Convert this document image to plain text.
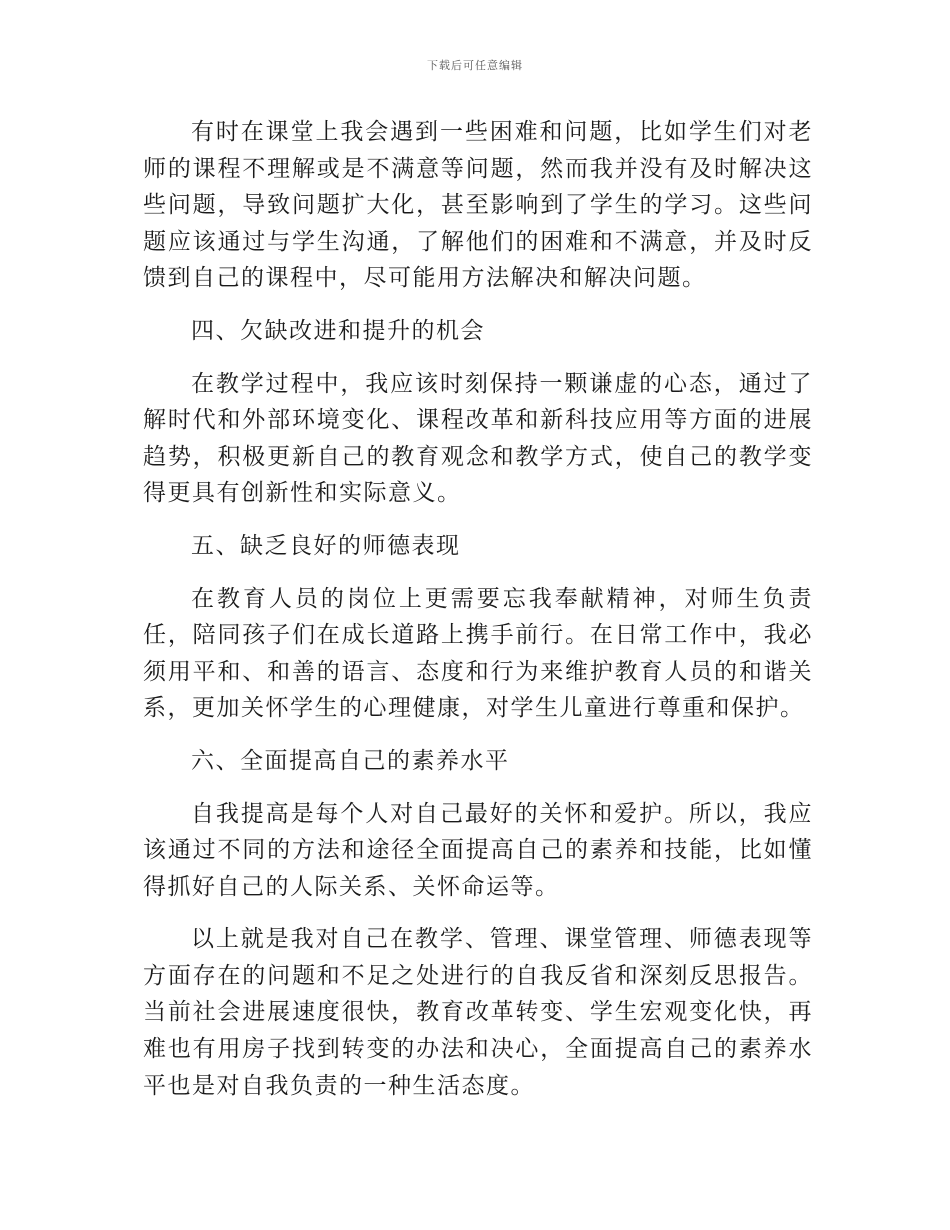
下载后可任意编辑

有时在课堂上我会遇到一些困难和问题，比如学生们对老师的课程不理解或是不满意等问题，然而我并没有及时解决这些问题，导致问题扩大化，甚至影响到了学生的学习。这些问题应该通过与学生沟通，了解他们的困难和不满意，并及时反馈到自己的课程中，尽可能用方法解决和解决问题。

四、欠缺改进和提升的机会

在教学过程中，我应该时刻保持一颗谦虚的心态，通过了解时代和外部环境变化、课程改革和新科技应用等方面的进展趋势，积极更新自己的教育观念和教学方式，使自己的教学变得更具有创新性和实际意义。

五、缺乏良好的师德表现

在教育人员的岗位上更需要忘我奉献精神，对师生负责任，陪同孩子们在成长道路上携手前行。在日常工作中，我必须用平和、和善的语言、态度和行为来维护教育人员的和谐关系，更加关怀学生的心理健康，对学生儿童进行尊重和保护。

六、全面提高自己的素养水平

自我提高是每个人对自己最好的关怀和爱护。所以，我应该通过不同的方法和途径全面提高自己的素养和技能，比如懂得抓好自己的人际关系、关怀命运等。

以上就是我对自己在教学、管理、课堂管理、师德表现等方面存在的问题和不足之处进行的自我反省和深刻反思报告。当前社会进展速度很快，教育改革转变、学生宏观变化快，再难也有用房子找到转变的办法和决心，全面提高自己的素养水平也是对自我负责的一种生活态度。
